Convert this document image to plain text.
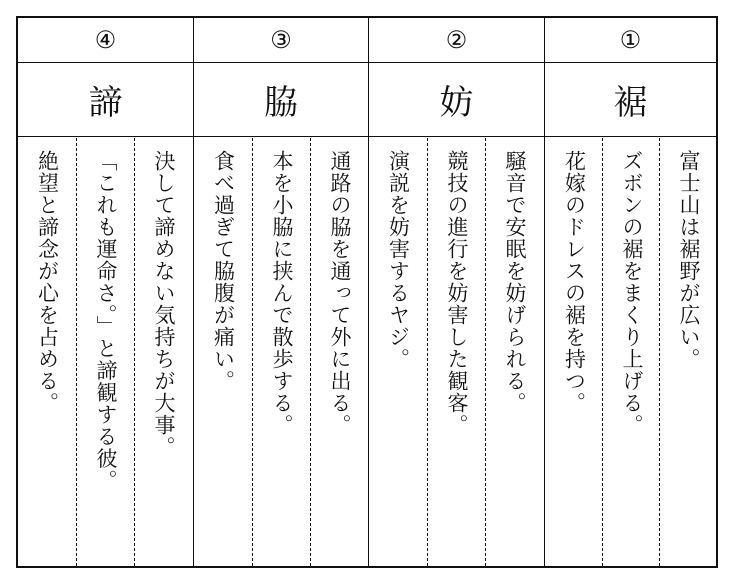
④
諦
絶望と諦念が心を占める。 「これも運命さ。」と諦観する彼。 決して諦めない気持ちが大事。
③
脇
食べ過ぎて脇腹が痛い。 本を小脇に挟んで散歩する。 通路の脇を通って外に出る。
②
妨
演説を妨害するヤジ。 競技の進行を妨害した観客。 騒音で安眠を妨げられる。
①
裾
花嫁のドレスの裾を持つ。 ズボンの裾をまくり上げる。 富士山は裾野が広い。
